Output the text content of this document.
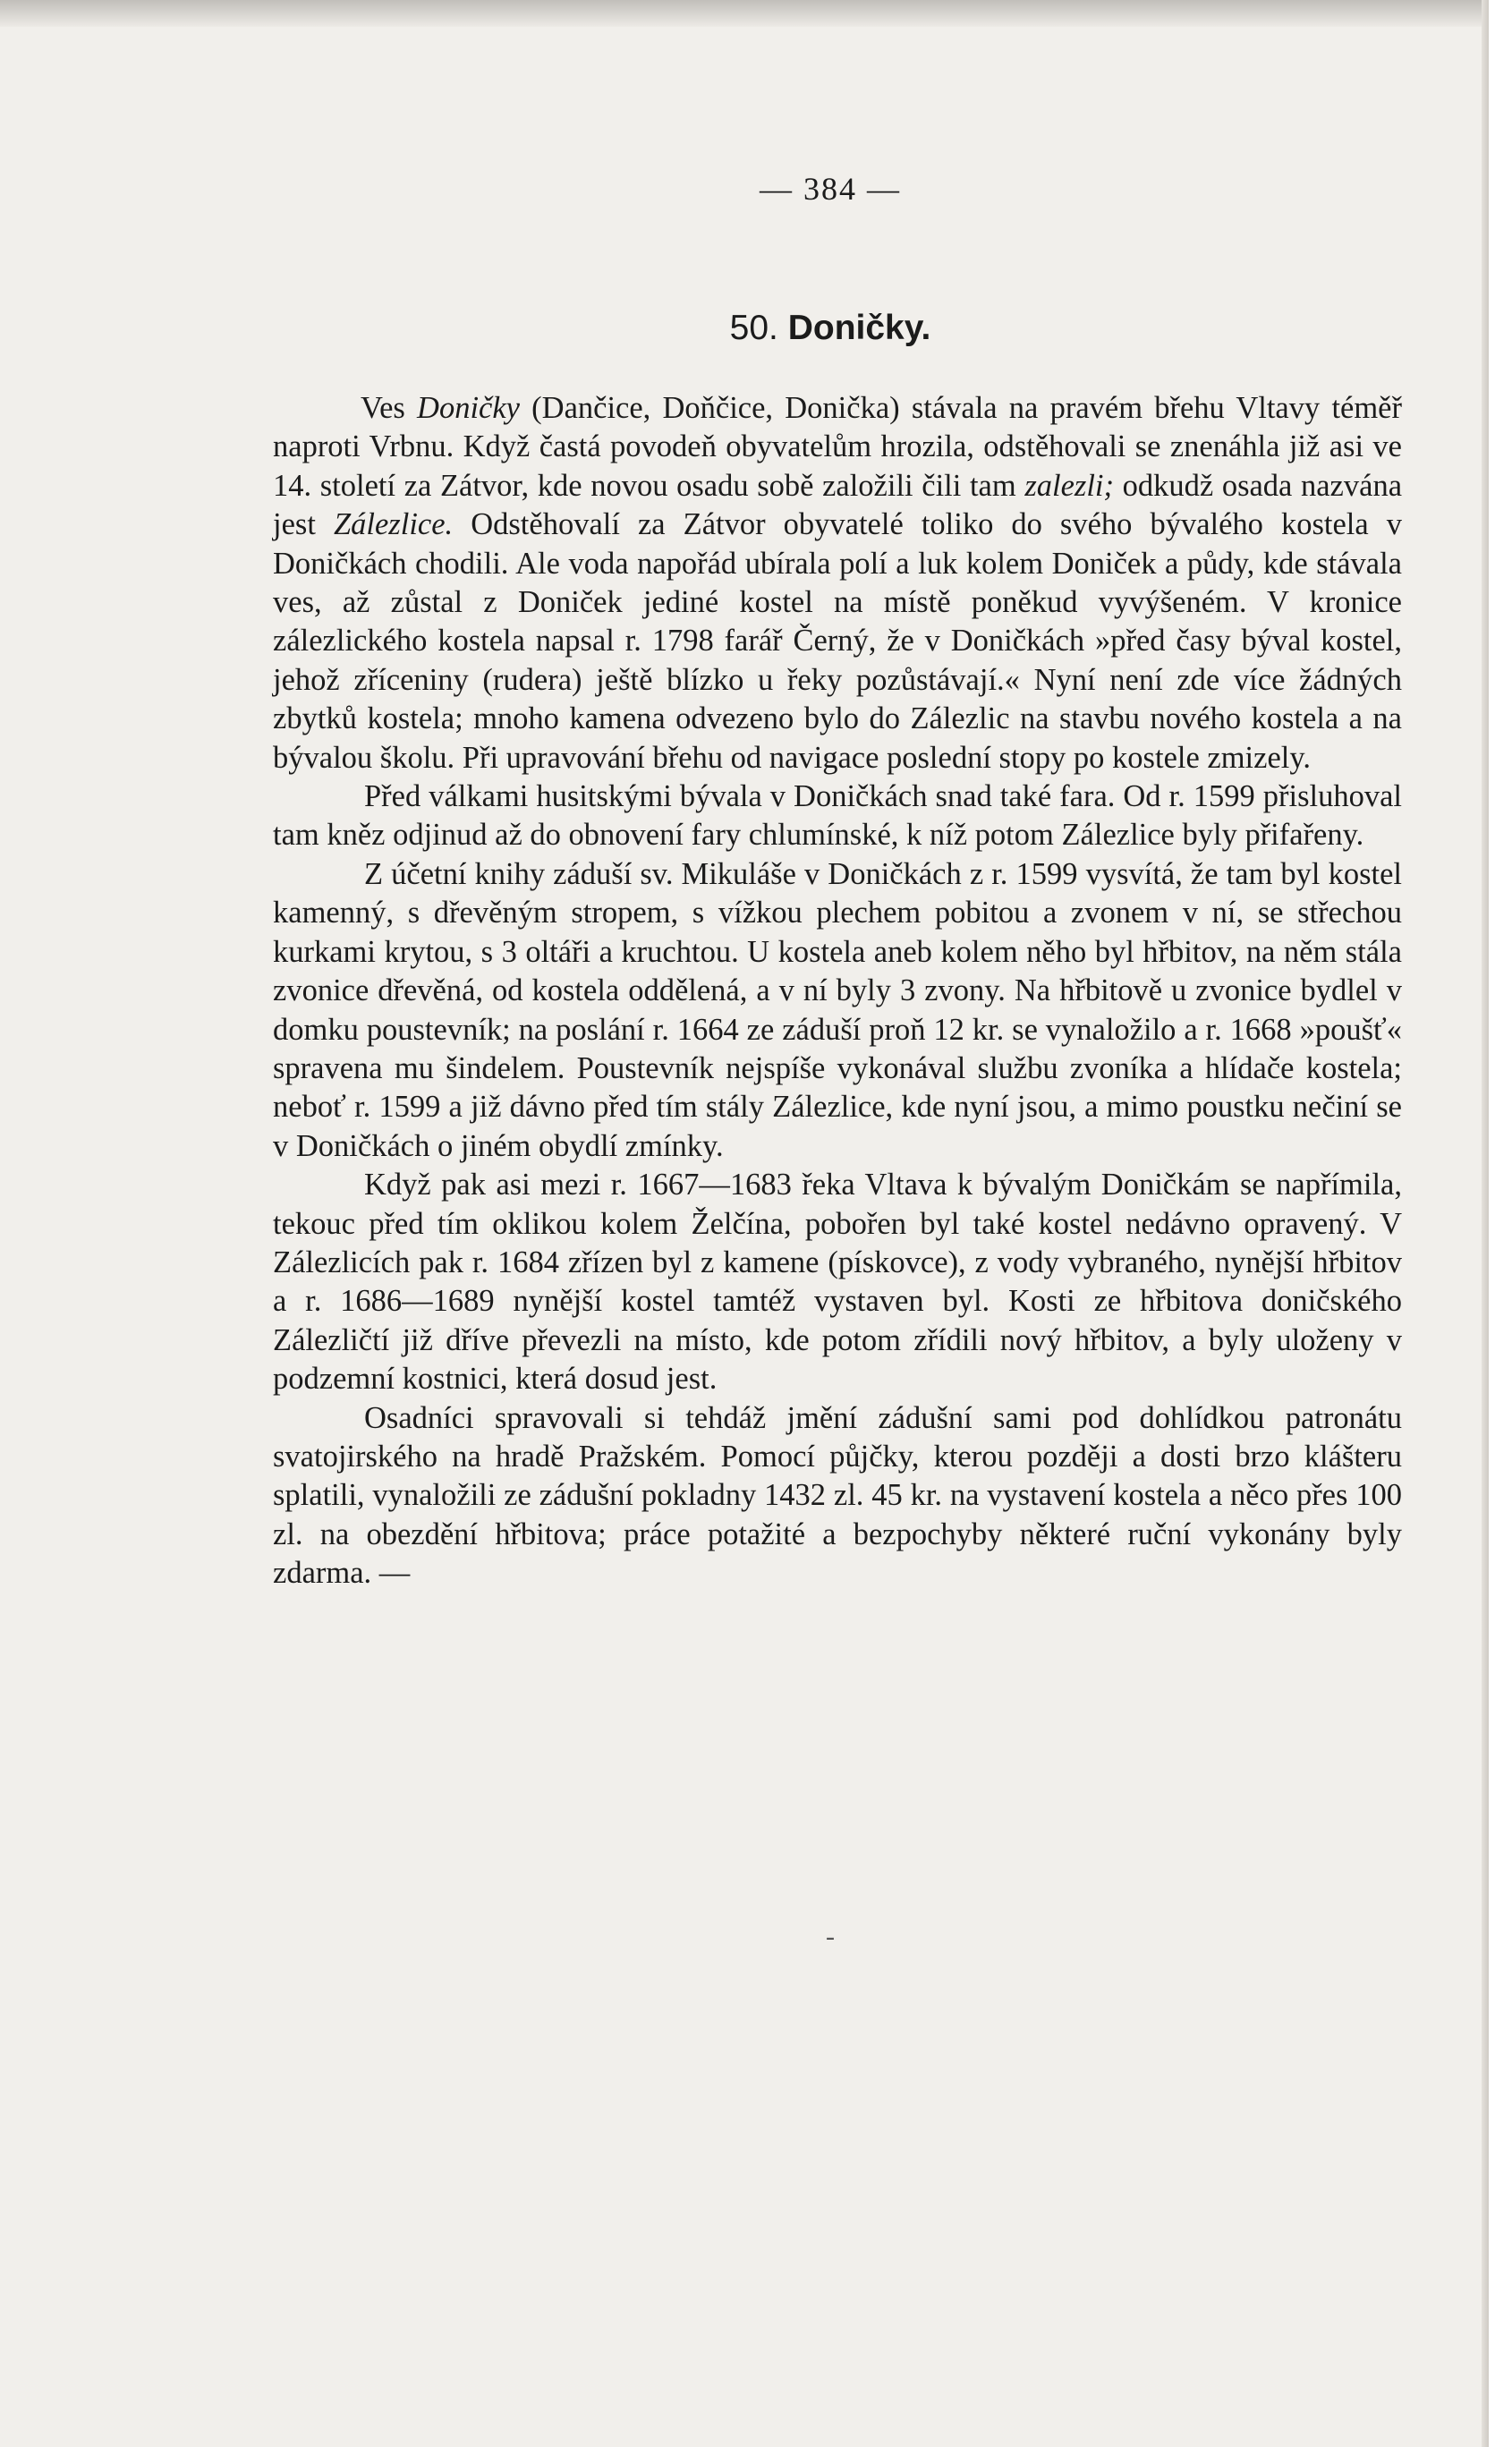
— 384 —
50. Doničky.

Ves Doničky (Dančice, Doňčice, Donička) stávala na pravém břehu Vltavy téměř naproti Vrbnu. Když častá povodeň obyvatelům hrozila, odstěhovali se znenáhla již asi ve 14. století za Zátvor, kde novou osadu sobě založili čili tam zalezli; odkudž osada nazvána jest Zálezlice. Odstěhovalí za Zátvor obyvatelé toliko do svého bývalého kostela v Doničkách chodili. Ale voda napořád ubírala polí a luk kolem Doniček a půdy, kde stávala ves, až zůstal z Doniček jediné kostel na místě poněkud vyvýšeném. V kronice zálezlického kostela napsal r. 1798 farář Černý, že v Doničkách »před časy býval kostel, jehož zříceniny (rudera) ještě blízko u řeky pozůstávají.« Nyní není zde více žádných zbytků kostela; mnoho kamena odvezeno bylo do Zálezlic na stavbu nového kostela a na bývalou školu. Při upravování břehu od navigace poslední stopy po kostele zmizely.

Před válkami husitskými bývala v Doničkách snad také fara. Od r. 1599 přisluhoval tam kněz odjinud až do obnovení fary chlumínské, k níž potom Zálezlice byly přifařeny.

Z účetní knihy záduší sv. Mikuláše v Doničkách z r. 1599 vysvítá, že tam byl kostel kamenný, s dřevěným stropem, s vížkou plechem pobitou a zvonem v ní, se střechou kurkami krytou, s 3 oltáři a kruchtou. U kostela aneb kolem něho byl hřbitov, na něm stála zvonice dřevěná, od kostela oddělená, a v ní byly 3 zvony. Na hřbitově u zvonice bydlel v domku poustevník; na poslání r. 1664 ze záduší proň 12 kr. se vynaložilo a r. 1668 »poušť« spravena mu šindelem. Poustevník nejspíše vykonával službu zvoníka a hlídače kostela; neboť r. 1599 a již dávno před tím stály Zálezlice, kde nyní jsou, a mimo poustku nečiní se v Doničkách o jiném obydlí zmínky.

Když pak asi mezi r. 1667—1683 řeka Vltava k bývalým Doničkám se napřímila, tekouc před tím oklikou kolem Želčína, pobořen byl také kostel nedávno opravený. V Zálezlicích pak r. 1684 zřízen byl z kamene (pískovce), z vody vybraného, nynější hřbitov a r. 1686—1689 nynější kostel tamtéž vystaven byl. Kosti ze hřbitova doničského Zálezličtí již dříve převezli na místo, kde potom zřídili nový hřbitov, a byly uloženy v podzemní kostnici, která dosud jest.

Osadníci spravovali si tehdáž jmění zádušní sami pod dohlídkou patronátu svatojirského na hradě Pražském. Pomocí půjčky, kterou později a dosti brzo klášteru splatili, vynaložili ze zádušní pokladny 1432 zl. 45 kr. na vystavení kostela a něco přes 100 zl. na obezdění hřbitova; práce potažité a bezpochyby některé ruční vykonány byly zdarma. —

-
